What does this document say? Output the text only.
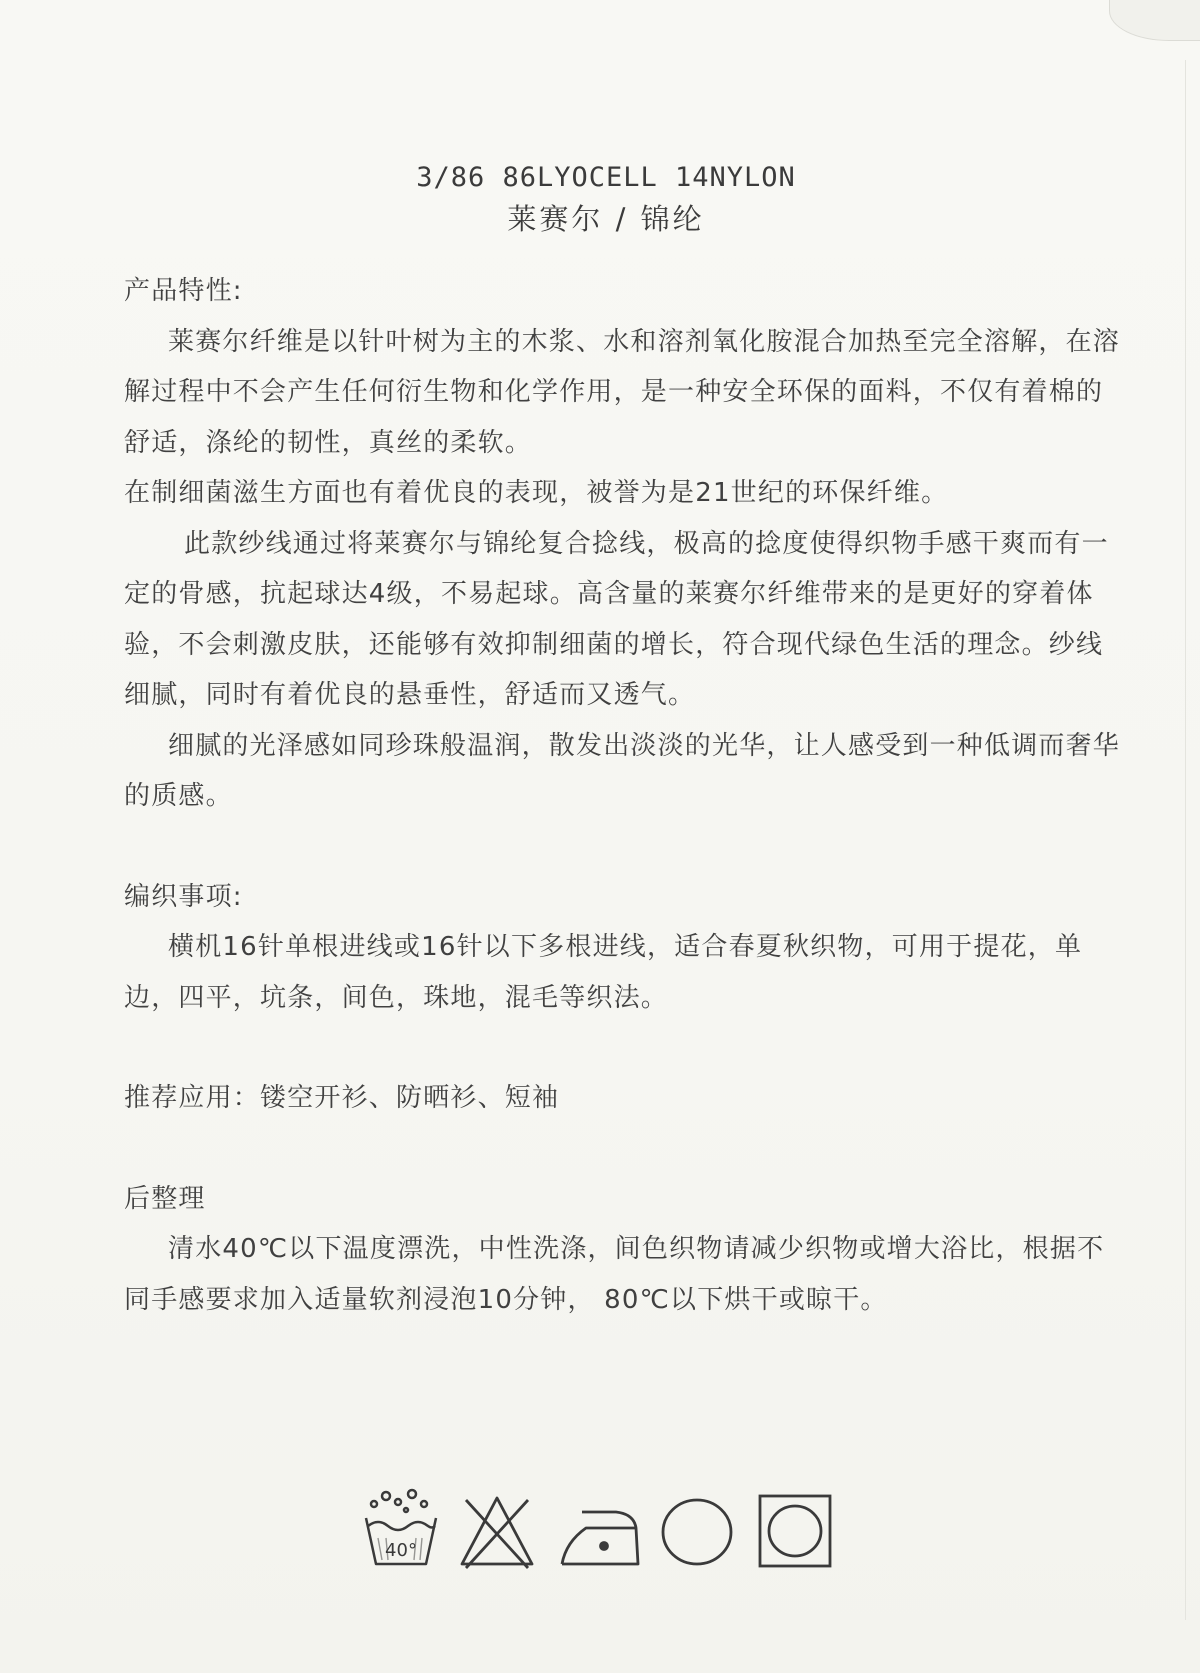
3/86 86LYOCELL 14NYLON
莱赛尔 / 锦纶

产品特性:

莱赛尔纤维是以针叶树为主的木浆、水和溶剂氧化胺混合加热至完全溶解，在溶解过程中不会产生任何衍生物和化学作用，是一种安全环保的面料，不仅有着棉的舒适，涤纶的韧性，真丝的柔软。

在制细菌滋生方面也有着优良的表现，被誉为是21世纪的环保纤维。

此款纱线通过将莱赛尔与锦纶复合捻线，极高的捻度使得织物手感干爽而有一定的骨感，抗起球达4级，不易起球。高含量的莱赛尔纤维带来的是更好的穿着体验，不会刺激皮肤，还能够有效抑制细菌的增长，符合现代绿色生活的理念。纱线细腻，同时有着优良的悬垂性，舒适而又透气。

细腻的光泽感如同珍珠般温润，散发出淡淡的光华，让人感受到一种低调而奢华的质感。

编织事项:

横机16针单根进线或16针以下多根进线，适合春夏秋织物，可用于提花，单边，四平，坑条，间色，珠地，混毛等织法。

推荐应用：镂空开衫、防晒衫、短袖

后整理

清水40℃以下温度漂洗，中性洗涤，间色织物请减少织物或增大浴比，根据不同手感要求加入适量软剂浸泡10分钟， 80℃以下烘干或晾干。

40°
